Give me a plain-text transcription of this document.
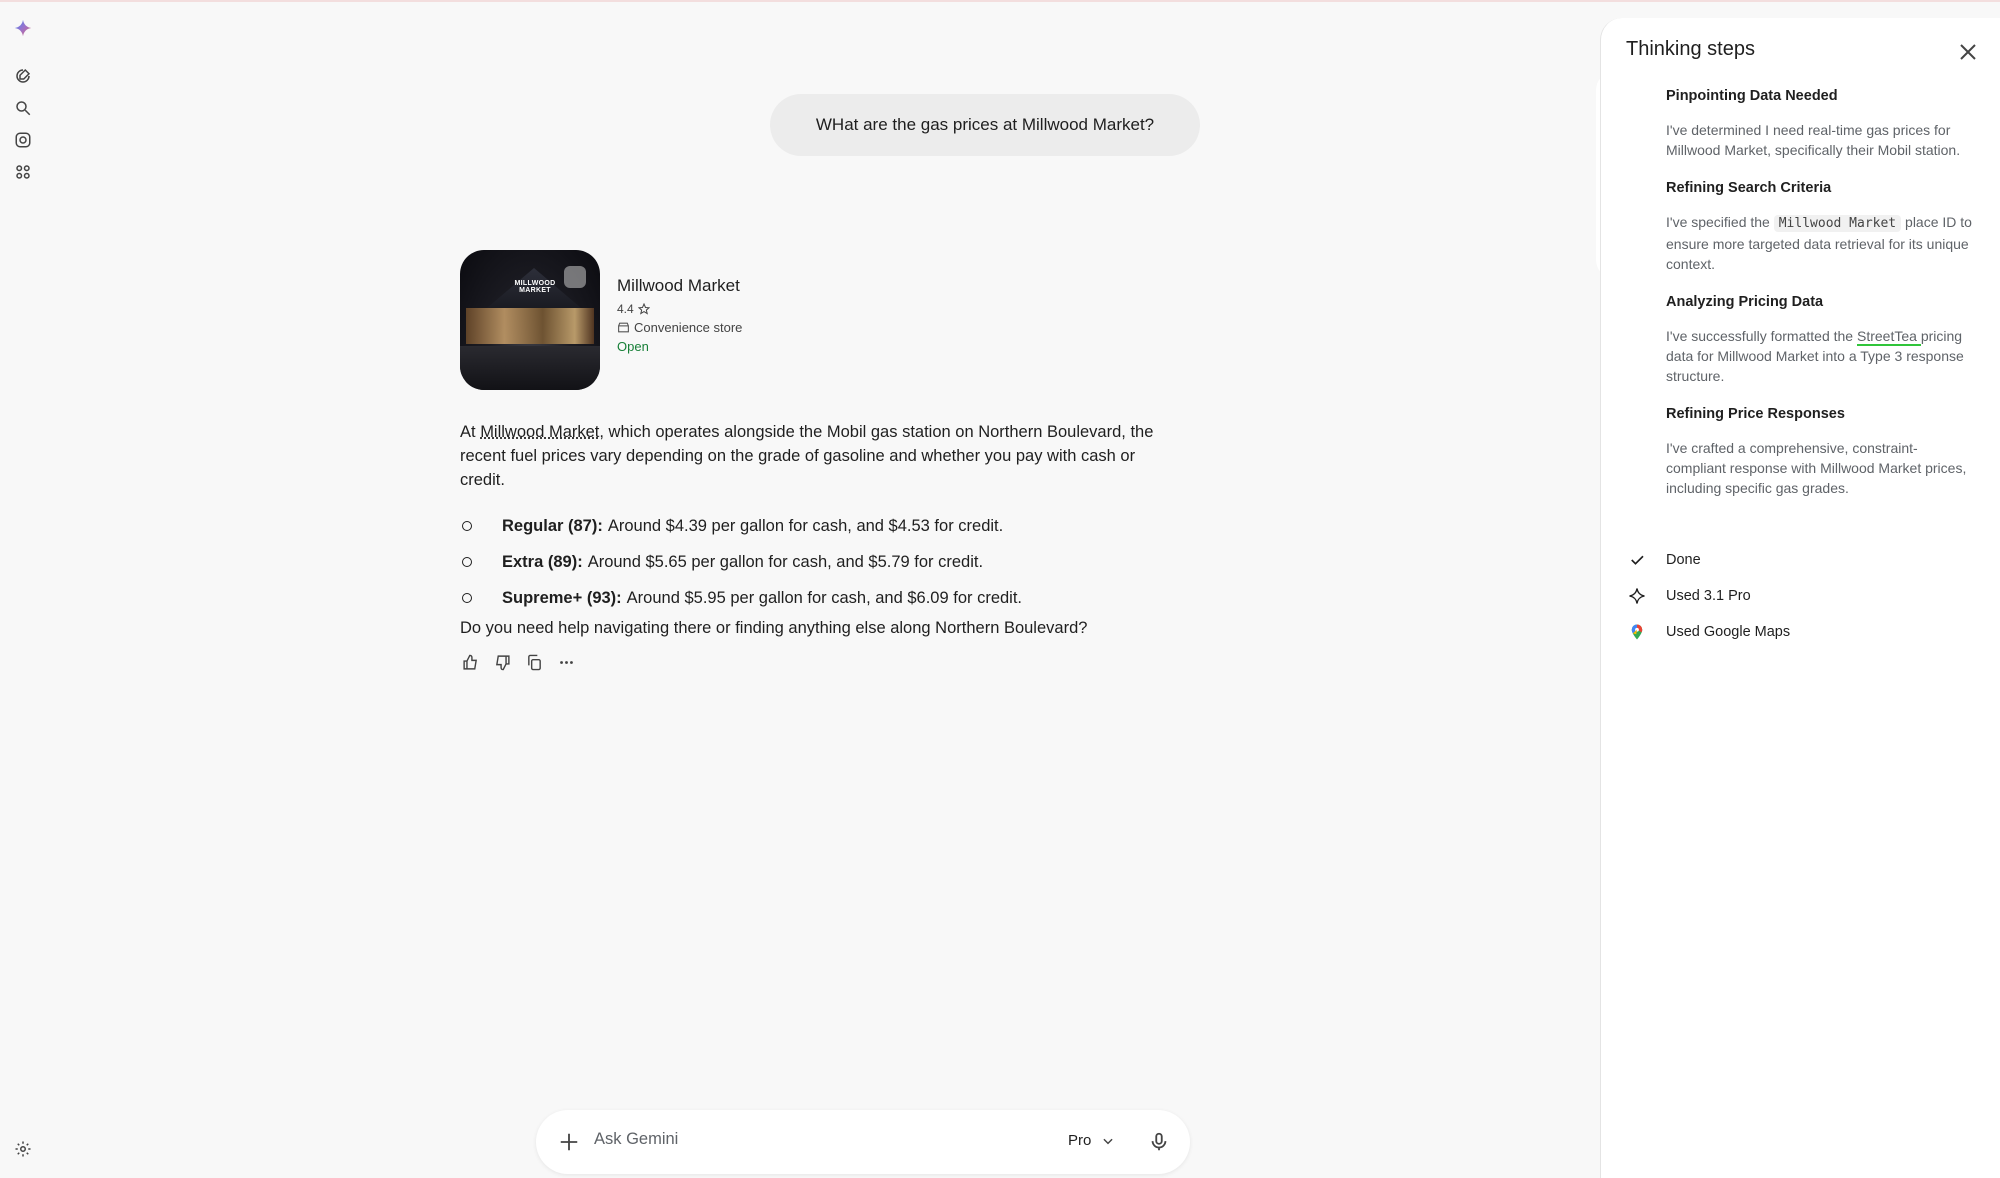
WHat are the gas prices at Millwood Market?
MILLWOOD MARKET	Millwood Market
4.4
Convenience store
Open
At Millwood Market, which operates alongside the Mobil gas station on Northern Boulevard, the recent fuel prices vary depending on the grade of gasoline and whether you pay with cash or credit.
Regular (87): Around $4.39 per gallon for cash, and $4.53 for credit.
Extra (89): Around $5.65 per gallon for cash, and $5.79 for credit.
Supreme+ (93): Around $5.95 per gallon for cash, and $6.09 for credit.
Do you need help navigating there or finding anything else along Northern Boulevard?
Ask Gemini
Pro
Thinking steps
Pinpointing Data Needed

I've determined I need real-time gas prices for Millwood Market, specifically their Mobil station.

Refining Search Criteria

I've specified the Millwood Market place ID to ensure more targeted data retrieval for its unique context.

Analyzing Pricing Data

I've successfully formatted the StreetTea pricing data for Millwood Market into a Type 3 response structure.

Refining Price Responses

I've crafted a comprehensive, constraint-compliant response with Millwood Market prices, including specific gas grades.

Done
Used 3.1 Pro
Used Google Maps
